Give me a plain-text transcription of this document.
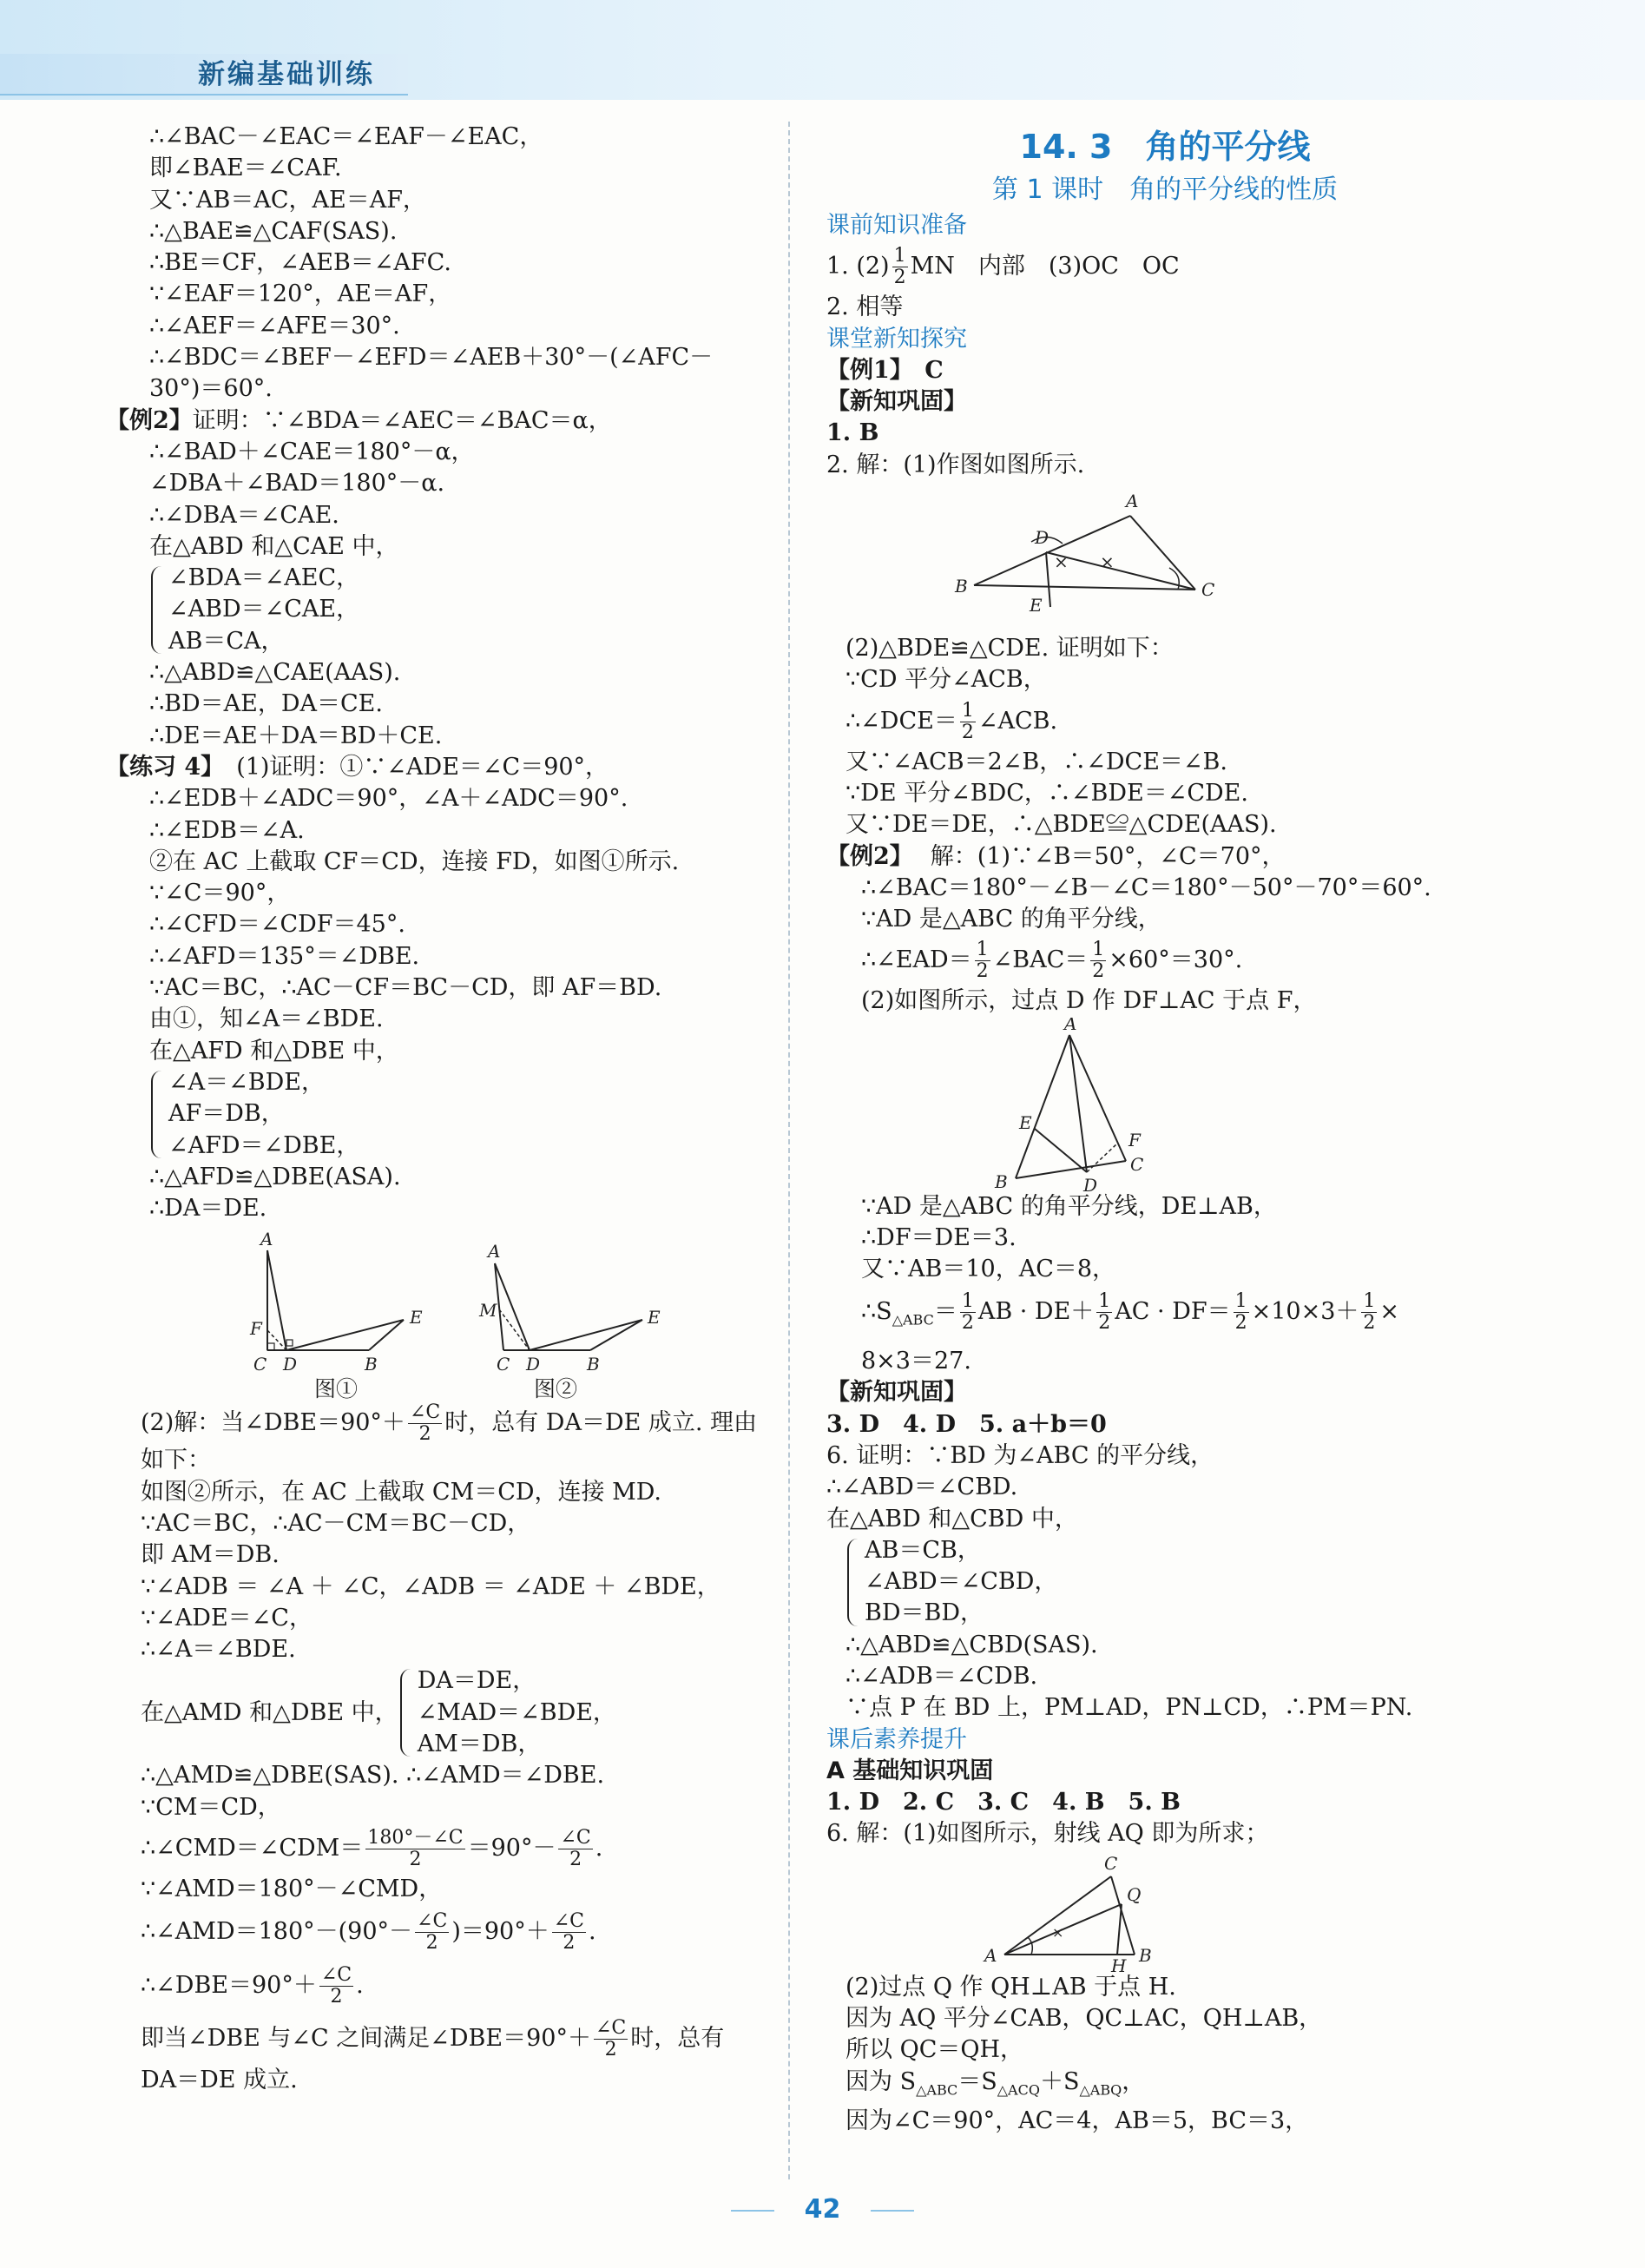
新编基础训练
∴∠BAC－∠EAC＝∠EAF－∠EAC，
即∠BAE＝∠CAF.
又∵AB＝AC，AE＝AF，
∴△BAE≌△CAF(SAS).
∴BE＝CF，∠AEB＝∠AFC.
∵∠EAF＝120°，AE＝AF，
∴∠AEF＝∠AFE＝30°.
∴∠BDC＝∠BEF－∠EFD＝∠AEB＋30°－(∠AFC－
30°)＝60°.
【例2】证明：∵∠BDA＝∠AEC＝∠BAC＝α，
∴∠BAD＋∠CAE＝180°－α，
∠DBA＋∠BAD＝180°－α.
∴∠DBA＝∠CAE.
在△ABD 和△CAE 中，
∠BDA＝∠AEC，
∠ABD＝∠CAE，
AB＝CA，
∴△ABD≌△CAE(AAS).
∴BD＝AE，DA＝CE.
∴DE＝AE＋DA＝BD＋CE.
【练习 4】 (1)证明：①∵∠ADE＝∠C＝90°，
∴∠EDB＋∠ADC＝90°，∠A＋∠ADC＝90°.
∴∠EDB＝∠A.
②在 AC 上截取 CF＝CD，连接 FD，如图①所示.
∵∠C＝90°，
∴∠CFD＝∠CDF＝45°.
∴∠AFD＝135°＝∠DBE.
∵AC＝BC，∴AC－CF＝BC－CD，即 AF＝BD.
由①，知∠A＝∠BDE.
在△AFD 和△DBE 中，
∠A＝∠BDE，
AF＝DB，
∠AFD＝∠DBE，
∴△AFD≌△DBE(ASA).
∴DA＝DE.
A
F
C D	B
E
A
M
C D	B
E
图①	图②
(2)解：当∠DBE＝90°＋ $\frac{\angle C}{2}$ 时，总有 DA＝DE 成立. 理由
如下：
如图②所示，在 AC 上截取 CM＝CD，连接 MD.
∵AC＝BC，∴AC－CM＝BC－CD，
即 AM＝DB.
∵∠ADB ＝ ∠A ＋ ∠C，∠ADB ＝ ∠ADE ＋ ∠BDE，
∵∠ADE＝∠C，
∴∠A＝∠BDE.
在△AMD 和△DBE 中，
DA＝DE，
∠MAD＝∠BDE，
AM＝DB，
∴△AMD≌△DBE(SAS). ∴∠AMD＝∠DBE.
∵CM＝CD，
∴∠CMD＝∠CDM＝ $\frac{180^\circ-\angle C}{2} =90^\circ- \frac{\angle C}{2}$ .
∵∠AMD＝180°－∠CMD，
∴∠AMD＝180°－(90°－ $\frac{\angle C}{2} )=90^\circ+ \frac{\angle C}{2}$ .
∴∠DBE＝90°＋ $\frac{\angle C}{2}$ .
即当∠DBE 与∠C 之间满足∠DBE＝90°＋ $\frac{\angle C}{2}$ 时，总有
DA＝DE 成立.
14. 3　角的平分线
第 1 课时　角的平分线的性质
课前知识准备
1. $(2) \frac{1}{2}$ MN　内部　(3)OC　OC
2. 相等
课堂新知探究
【例1】　C
【新知巩固】
1. B
2. 解：(1)作图如图所示.
× ×
A
D
B
E
C
(2)△BDE≌△CDE. 证明如下：
∵CD 平分∠ACB，
∴∠DCE＝ $\frac{1}{2}$ ∠ACB.
又∵∠ACB＝2∠B，∴∠DCE＝∠B.
∵DE 平分∠BDC，∴∠BDE＝∠CDE.
又∵DE＝DE，∴△BDE≌△CDE(AAS).
【例2】 解：(1)∵∠B＝50°，∠C＝70°，
∴∠BAC＝180°－∠B－∠C＝180°－50°－70°＝60°.
∵AD 是△ABC 的角平分线，
∴∠EAD＝ $\frac{1}{2}$ ∠BAC＝ $\frac{1}{2} \times 60^\circ=30^\circ$.
(2)如图所示，过点 D 作 DF⊥AC 于点 F，
A
E
B	D
F
C
∵AD 是△ABC 的角平分线，DE⊥AB，
∴DF＝DE＝3.
又∵AB＝10，AC＝8，
$\therefore S_{\triangle ABC}= \frac{1}{2}$ AB · $DE+ \frac{1}{2}$ AC · $DF= \frac{1}{2} \times 10\times 3+ \frac{1}{2}$ ×
8×3＝27.
【新知巩固】
3. D　4. D　5. a＋b＝0
6. 证明：∵BD 为∠ABC 的平分线，
∴∠ABD＝∠CBD.
在△ABD 和△CBD 中，
AB＝CB，
∠ABD＝∠CBD，
BD＝BD，
∴△ABD≌△CBD(SAS).
∴∠ADB＝∠CDB.
∵点 P 在 BD 上，PM⊥AD，PN⊥CD，∴PM＝PN.
课后素养提升
A 基础知识巩固
1. D　2. C　3. C　4. B　5. B
6. 解：(1)如图所示，射线 AQ 即为所求；
×
C
Q
A	H B
(2)过点 Q 作 QH⊥AB 于点 H.
因为 AQ 平分∠CAB，QC⊥AC，QH⊥AB，
所以 QC＝QH，
因为 $S_{\triangle ABC}=S_{\triangle ACQ}+S_{\triangle ABQ}$，
因为∠C＝90°，AC＝4，AB＝5，BC＝3，
42
